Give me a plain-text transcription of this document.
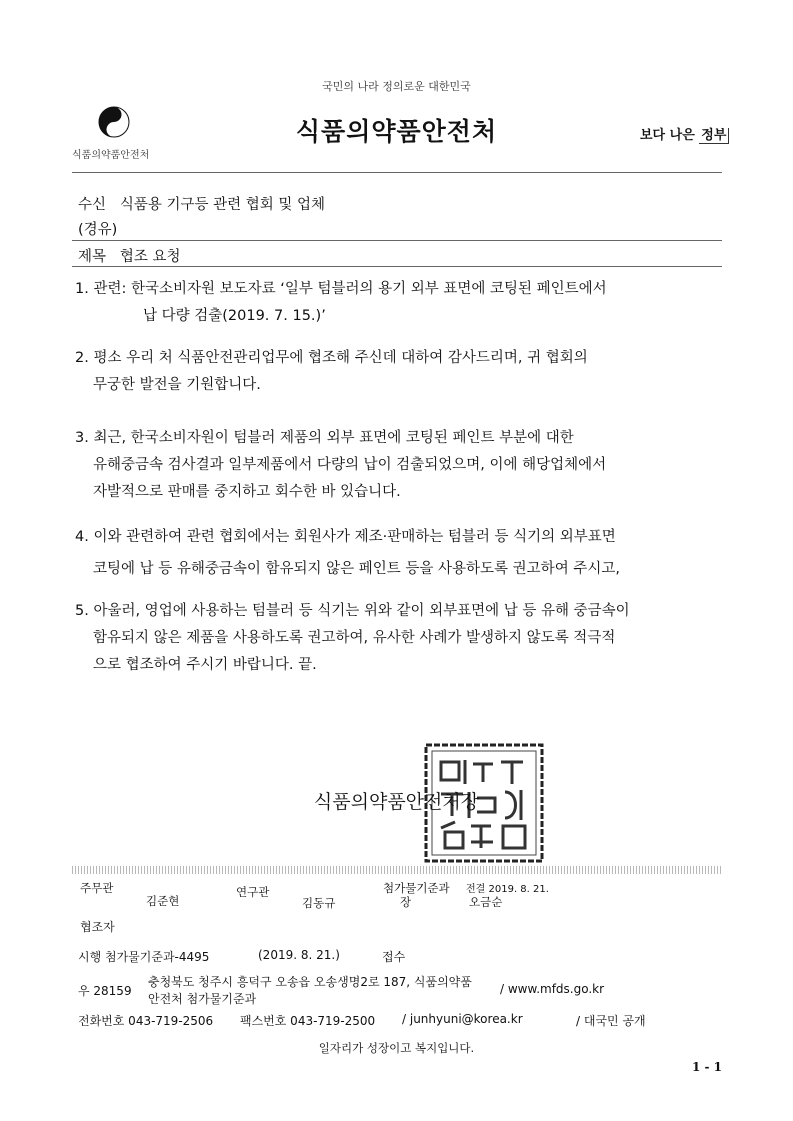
국민의 나라 정의로운 대한민국
식품의약품안전처
식품의약품안전처	보다 나은 정부
수신 식품용 기구등 관련 협회 및 업체
(경유)
제목 협조 요청
1. 관련: 한국소비자원 보도자료 ‘일부 텀블러의 용기 외부 표면에 코팅된 페인트에서
납 다량 검출(2019. 7. 15.)’
2. 평소 우리 처 식품안전관리업무에 협조해 주신데 대하여 감사드리며, 귀 협회의
무궁한 발전을 기원합니다.
3. 최근, 한국소비자원이 텀블러 제품의 외부 표면에 코팅된 페인트 부분에 대한
유해중금속 검사결과 일부제품에서 다량의 납이 검출되었으며, 이에 해당업체에서
자발적으로 판매를 중지하고 회수한 바 있습니다.
4. 이와 관련하여 관련 협회에서는 회원사가 제조·판매하는 텀블러 등 식기의 외부표면
코팅에 납 등 유해중금속이 함유되지 않은 페인트 등을 사용하도록 권고하여 주시고,
5. 아울러, 영업에 사용하는 텀블러 등 식기는 위와 같이 외부표면에 납 등 유해 중금속이
함유되지 않은 제품을 사용하도록 권고하여, 유사한 사례가 발생하지 않도록 적극적
으로 협조하여 주시기 바랍니다. 끝.
식품의약품안전처장
주무관
김준현
연구관
김동규
첨가물기준과
장
전결 2019. 8. 21.
오금순
협조자
시행 첨가물기준과-4495	(2019. 8. 21.)	접수
우 28159
충청북도 청주시 흥덕구 오송읍 오송생명2로 187, 식품의약품
안전처 첨가물기준과
/ www.mfds.go.kr
전화번호 043-719-2506 팩스번호 043-719-2500 / junhyuni@korea.kr	/ 대국민 공개
일자리가 성장이고 복지입니다.
1 - 1
